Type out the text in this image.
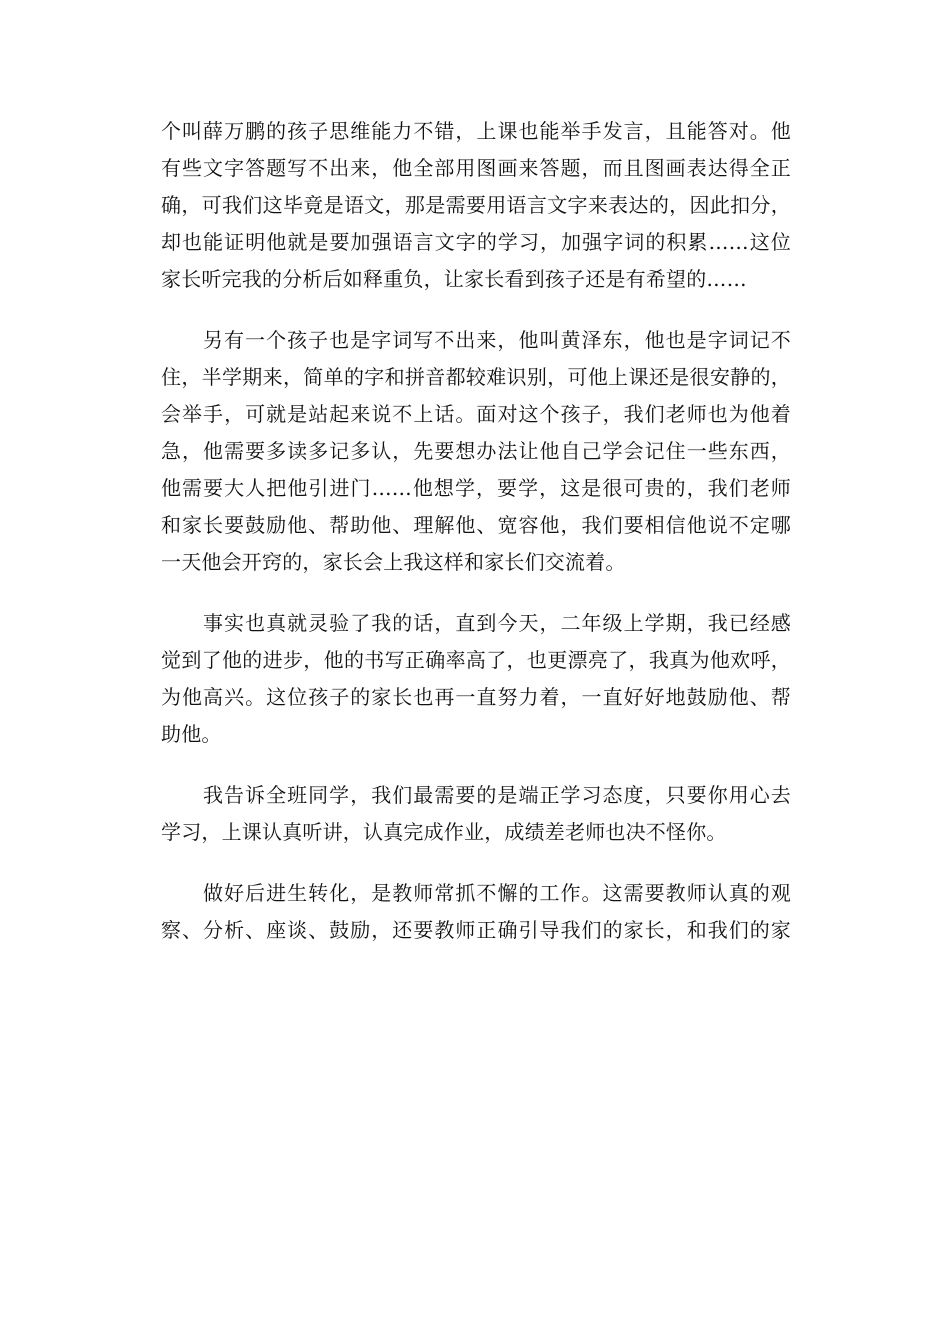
个叫薛万鹏的孩子思维能力不错，上课也能举手发言，且能答对。他
有些文字答题写不出来，他全部用图画来答题，而且图画表达得全正
确，可我们这毕竟是语文，那是需要用语言文字来表达的，因此扣分，
却也能证明他就是要加强语言文字的学习，加强字词的积累……这位
家长听完我的分析后如释重负，让家长看到孩子还是有希望的……
另有一个孩子也是字词写不出来，他叫黄泽东，他也是字词记不
住，半学期来，简单的字和拼音都较难识别，可他上课还是很安静的，
会举手，可就是站起来说不上话。面对这个孩子，我们老师也为他着
急，他需要多读多记多认，先要想办法让他自己学会记住一些东西，
他需要大人把他引进门……他想学，要学，这是很可贵的，我们老师
和家长要鼓励他、帮助他、理解他、宽容他，我们要相信他说不定哪
一天他会开窍的，家长会上我这样和家长们交流着。
事实也真就灵验了我的话，直到今天，二年级上学期，我已经感
觉到了他的进步，他的书写正确率高了，也更漂亮了，我真为他欢呼，
为他高兴。这位孩子的家长也再一直努力着，一直好好地鼓励他、帮
助他。
我告诉全班同学，我们最需要的是端正学习态度，只要你用心去
学习，上课认真听讲，认真完成作业，成绩差老师也决不怪你。
做好后进生转化，是教师常抓不懈的工作。这需要教师认真的观
察、分析、座谈、鼓励，还要教师正确引导我们的家长，和我们的家
